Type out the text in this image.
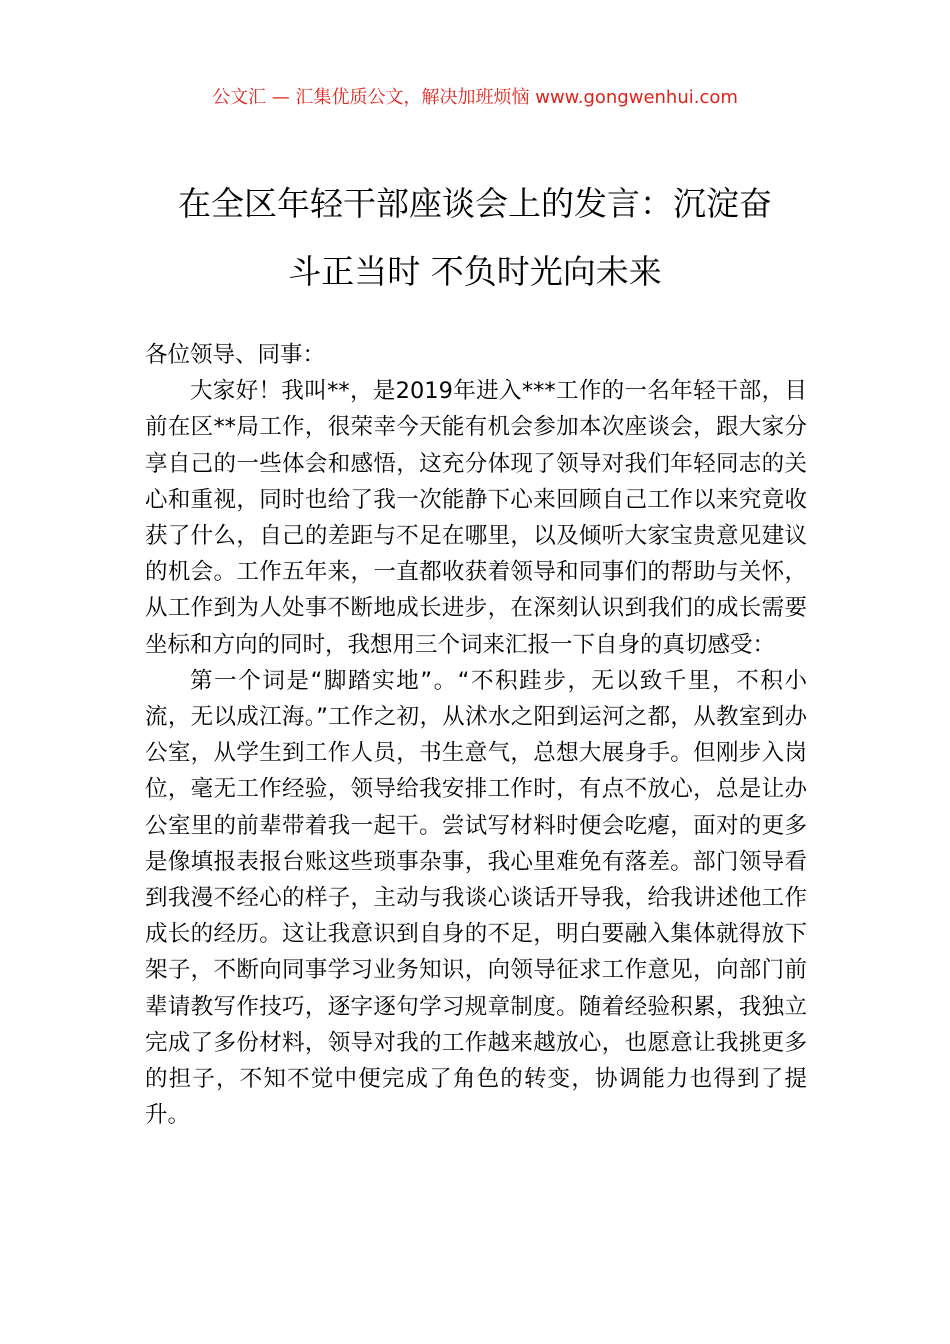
公文汇 — 汇集优质公文，解决加班烦恼 www.gongwenhui.com
在全区年轻干部座谈会上的发言：沉淀奋
斗正当时 不负时光向未来

各位领导、同事：

大家好！我叫**，是2019年进入***工作的一名年轻干部，目前在区**局工作，很荣幸今天能有机会参加本次座谈会，跟大家分享自己的一些体会和感悟，这充分体现了领导对我们年轻同志的关心和重视，同时也给了我一次能静下心来回顾自己工作以来究竟收获了什么，自己的差距与不足在哪里，以及倾听大家宝贵意见建议的机会。工作五年来，一直都收获着领导和同事们的帮助与关怀，从工作到为人处事不断地成长进步，在深刻认识到我们的成长需要坐标和方向的同时，我想用三个词来汇报一下自身的真切感受：

第一个词是“脚踏实地”。“不积跬步，无以致千里，不积小流，无以成江海。”工作之初，从沭水之阳到运河之都，从教室到办公室，从学生到工作人员，书生意气，总想大展身手。但刚步入岗位，毫无工作经验，领导给我安排工作时，有点不放心，总是让办公室里的前辈带着我一起干。尝试写材料时便会吃瘪，面对的更多是像填报表报台账这些琐事杂事，我心里难免有落差。部门领导看到我漫不经心的样子，主动与我谈心谈话开导我，给我讲述他工作成长的经历。这让我意识到自身的不足，明白要融入集体就得放下架子，不断向同事学习业务知识，向领导征求工作意见，向部门前辈请教写作技巧，逐字逐句学习规章制度。随着经验积累，我独立完成了多份材料，领导对我的工作越来越放心，也愿意让我挑更多的担子，不知不觉中便完成了角色的转变，协调能力也得到了提升。
